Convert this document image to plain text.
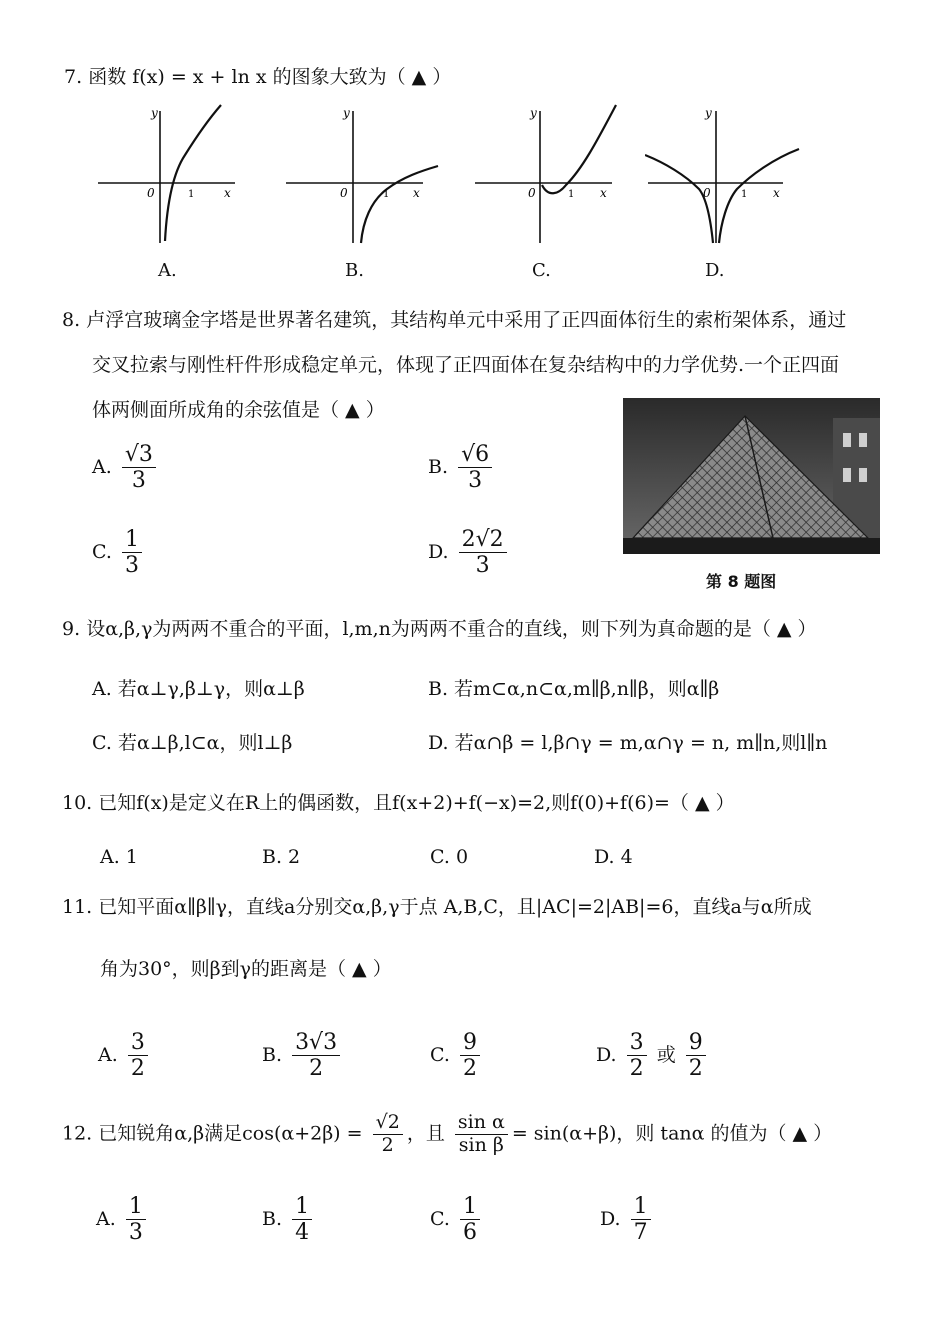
7. 函数 f(x) = x + ln x 的图象大致为（ ▲ ）
y
0	1 x
y
0	1 x
y
0	1 x
y
0	1 x
A.	B.	C.	D.
8. 卢浮宫玻璃金字塔是世界著名建筑，其结构单元中采用了正四面体衍生的索桁架体系，通过
交叉拉索与刚性杆件形成稳定单元，体现了正四面体在复杂结构中的力学优势.一个正四面
体两侧面所成角的余弦值是（ ▲ ）
A. $\frac{√3}{3}$	B. $\frac{√6}{3}$
C. $\frac{1}{3}$	D. $\frac{2√2}{3}$
第 8 题图
9. 设α,β,γ为两两不重合的平面，l,m,n为两两不重合的直线，则下列为真命题的是（ ▲ ）
A. 若α⊥γ,β⊥γ，则α⊥β	B. 若m⊂α,n⊂α,m∥β,n∥β，则α∥β
C. 若α⊥β,l⊂α，则l⊥β	D. 若α∩β = l,β∩γ = m,α∩γ = n, m∥n,则l∥n
10. 已知f(x)是定义在R上的偶函数，且f(x+2)+f(−x)=2,则f(0)+f(6)=（ ▲ ）
A. 1	B. 2	C. 0	D. 4
11. 已知平面α∥β∥γ，直线a分别交α,β,γ于点 A,B,C，且|AC|=2|AB|=6，直线a与α所成
角为30°，则β到γ的距离是（ ▲ ）
A. $\frac{3}{2}$	B. $\frac{3√3}{2}$	C. $\frac{9}{2}$	D. $\frac{3}{2}$ 或 $\frac{9}{2}$
12. 已知锐角α,β满足$\cos(\alpha+2\beta) = \frac{√2}{2}$ ，且 $\frac{\text{sin α}}{\text{sin β}} = \sin(\alpha+\beta)$，则 tanα 的值为（ ▲ ）
A. $\frac{1}{3}$	B. $\frac{1}{4}$	C. $\frac{1}{6}$	D. $\frac{1}{7}$
